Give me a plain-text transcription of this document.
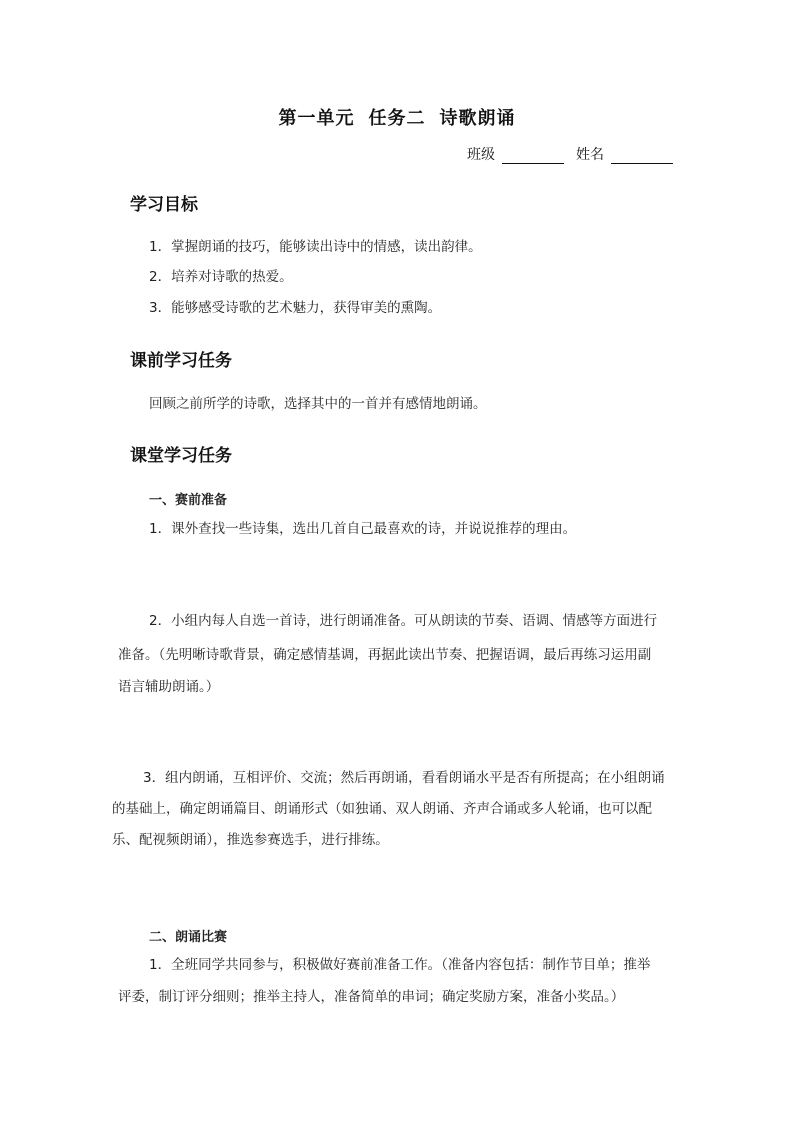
第一单元 任务二 诗歌朗诵
班级	姓名
学习目标
1．掌握朗诵的技巧，能够读出诗中的情感，读出韵律。
2．培养对诗歌的热爱。
3．能够感受诗歌的艺术魅力，获得审美的熏陶。
课前学习任务
回顾之前所学的诗歌，选择其中的一首并有感情地朗诵。
课堂学习任务
一、赛前准备
1．课外查找一些诗集，选出几首自己最喜欢的诗，并说说推荐的理由。
2．小组内每人自选一首诗，进行朗诵准备。可从朗读的节奏、语调、情感等方面进行
准备。（先明晰诗歌背景，确定感情基调，再据此读出节奏、把握语调，最后再练习运用副
语言辅助朗诵。）
3．组内朗诵，互相评价、交流；然后再朗诵，看看朗诵水平是否有所提高；在小组朗诵
的基础上，确定朗诵篇目、朗诵形式（如独诵、双人朗诵、齐声合诵或多人轮诵，也可以配
乐、配视频朗诵），推选参赛选手，进行排练。
二、朗诵比赛
1．全班同学共同参与，积极做好赛前准备工作。（准备内容包括：制作节目单；推举
评委，制订评分细则；推举主持人，准备简单的串词；确定奖励方案，准备小奖品。）
